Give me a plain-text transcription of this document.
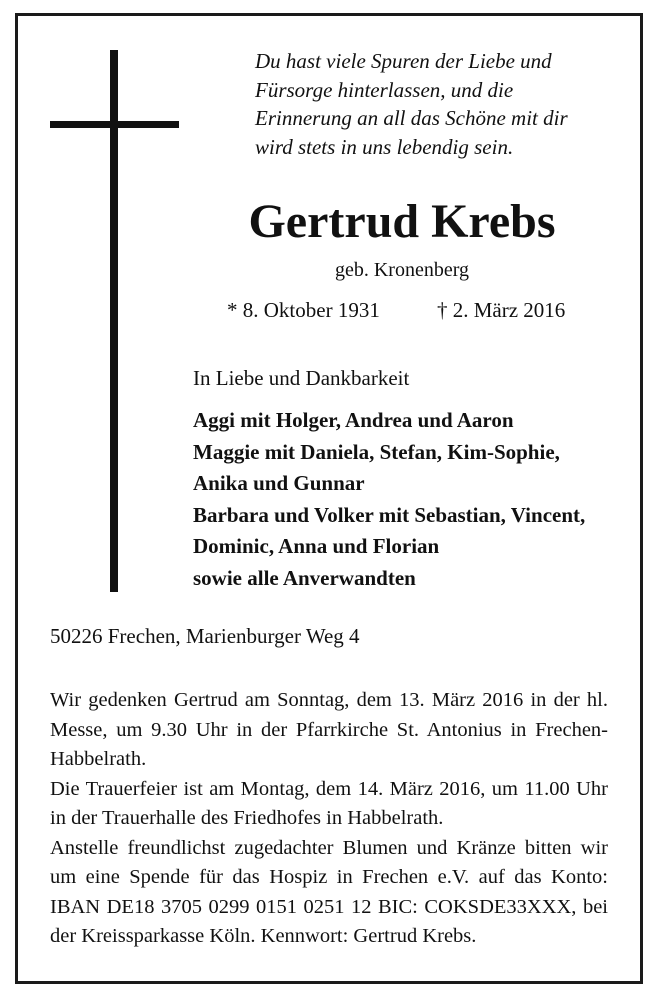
Du hast viele Spuren der Liebe und
Fürsorge hinterlassen, und die
Erinnerung an all das Schöne mit dir
wird stets in uns lebendig sein.
Gertrud Krebs
geb. Kronenberg
* 8. Oktober 1931	† 2. März 2016
In Liebe und Dankbarkeit
Aggi mit Holger, Andrea und Aaron
Maggie mit Daniela, Stefan, Kim-Sophie,
Anika und Gunnar
Barbara und Volker mit Sebastian, Vincent,
Dominic, Anna und Florian
sowie alle Anverwandten
50226 Frechen, Marienburger Weg 4

Wir gedenken Gertrud am Sonntag, dem 13. März 2016 in der hl. Messe, um 9.30 Uhr in der Pfarrkirche St. Antonius in Frechen-Habbelrath.

Die Trauerfeier ist am Montag, dem 14. März 2016, um 11.00 Uhr in der Trauerhalle des Friedhofes in Habbelrath.

Anstelle freundlichst zugedachter Blumen und Kränze bitten wir um eine Spende für das Hospiz in Frechen e.V. auf das Konto: IBAN DE18 3705 0299 0151 0251 12 BIC: COKSDE33XXX, bei der Kreissparkasse Köln. Kennwort: Gertrud Krebs.
